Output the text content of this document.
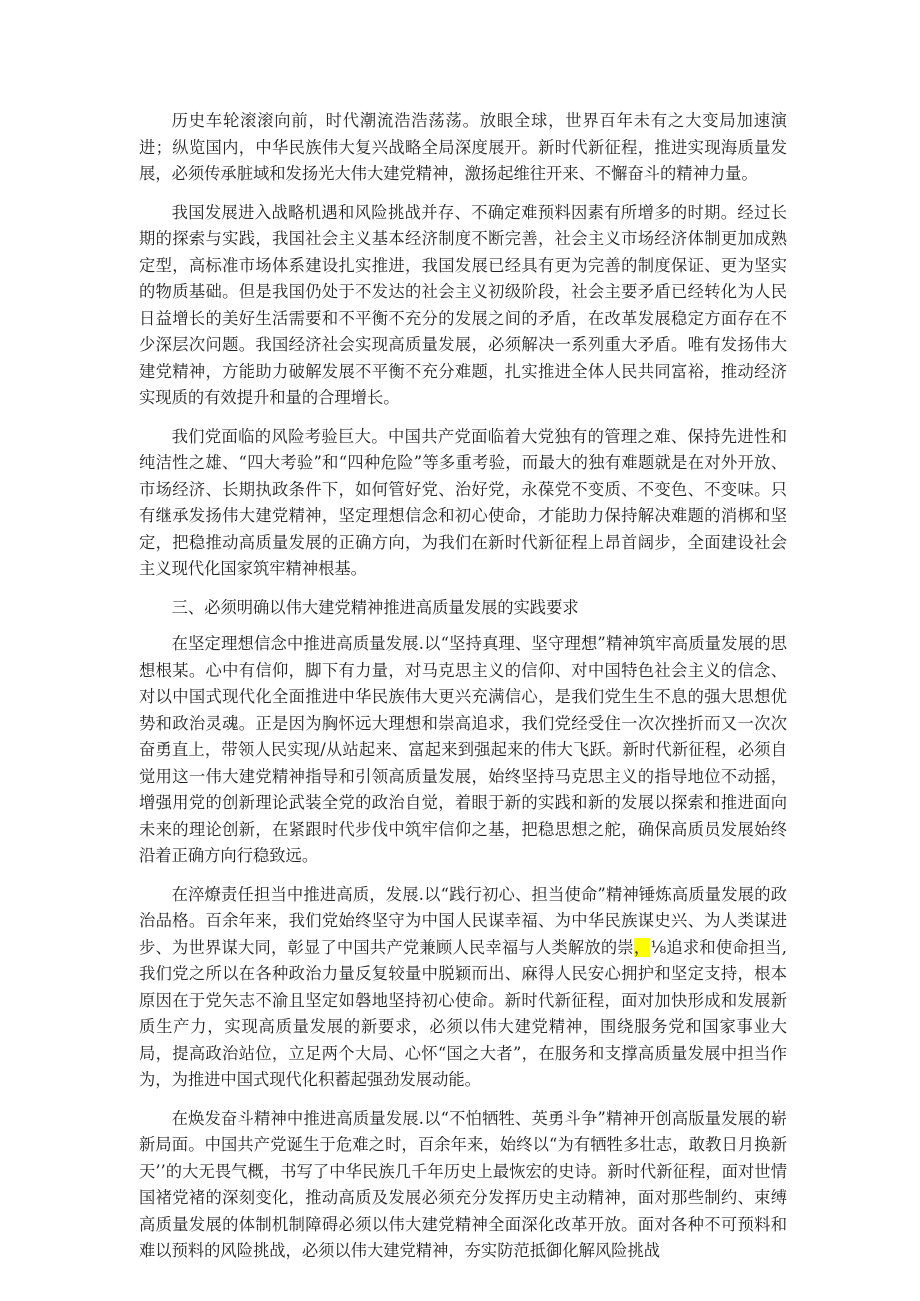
历史车轮滚滚向前，时代潮流浩浩荡荡。放眼全球，世界百年未有之大变局加速演进；纵览国内，中华民族伟大复兴战略全局深度展开。新时代新征程，推进实现海质量发展，必须传承脏域和发扬光大伟大建党精神，激扬起维往开来、不懈奋斗的精神力量。

我国发展进入战略机遇和风险挑战并存、不确定难预料因素有所增多的时期。经过长期的探索与实践，我国社会主义基本经济制度不断完善，社会主义市场经济体制更加成熟定型，高标准市场体系建设扎实推进，我国发展已经具有更为完善的制度保证、更为坚实的物质基础。但是我国仍处于不发达的社会主义初级阶段，社会主要矛盾已经转化为人民日益增长的美好生活需要和不平衡不充分的发展之间的矛盾，在改革发展稳定方面存在不少深层次问题。我国经济社会实现高质量发展，必须解决一系列重大矛盾。唯有发扬伟大建党精神，方能助力破解发展不平衡不充分难题，扎实推进全体人民共同富裕，推动经济实现质的有效提升和量的合理增长。

我们党面临的风险考验巨大。中国共产党面临着大党独有的管理之难、保持先进性和纯洁性之雄、“四大考验”和“四种危险”等多重考验，而最大的独有难题就是在对外开放、市场经济、长期执政条件下，如何管好党、治好党，永葆党不变质、不变色、不变味。只有继承发扬伟大建党精神，坚定理想信念和初心使命，才能助力保持解决难题的消梆和坚定，把稳推动高质量发展的正确方向，为我们在新时代新征程上昂首阔步，全面建设社会主义现代化国家筑牢精神根基。

三、必须明确以伟大建党精神推进高质量发展的实践要求

在坚定理想信念中推进高质量发展.以“坚持真理、坚守理想”精神筑牢高质量发展的思想根某。心中有信仰，脚下有力量，对马克思主义的信仰、对中国特色社会主义的信念、对以中国式现代化全面推进中华民族伟大更兴充满信心，是我们党生生不息的强大思想优势和政治灵魂。正是因为胸怀远大理想和崇高追求，我们党经受住一次次挫折而又一次次奋勇直上，带领人民实现/从站起来、富起来到强起来的伟大飞跃。新时代新征程，必须自觉用这一伟大建党精神指导和引领高质量发展，始终坚持马克思主义的指导地位不动摇，增强用党的创新理论武装全党的政治自觉，着眼于新的实践和新的发展以探索和推进面向未来的理论创新，在紧跟时代步伐中筑牢信仰之基，把稳思想之舵，确保高质员发展始终沿着正确方向行稳致远。

在淬燎责任担当中推进高质，发展.以“践行初心、担当使命”精神锤炼高质量发展的政治品格。百余年来，我们党始终坚守为中国人民谋幸福、为中华民族谋史兴、为人类谋进步、为世界谋大同，彰显了中国共产党兼顾人民幸福与人类解放的崇，⅛追求和使命担当,我们党之所以在各种政治力量反复较量中脱颖而出、麻得人民安心拥护和坚定支持，根本原因在于党矢志不渝且坚定如磐地坚持初心使命。新时代新征程，面对加快形成和发展新质生产力，实现高质量发展的新要求，必须以伟大建党精神，围绕服务党和国家事业大局，提高政治站位，立足两个大局、心怀“国之大者”，在服务和支撑高质量发展中担当作为，为推进中国式现代化积蓄起强劲发展动能。

在焕发奋斗精神中推进高质量发展.以“不怕牺牲、英勇斗争”精神开创高版量发展的崭新局面。中国共产党诞生于危难之时，百余年来，始终以“为有牺牲多壮志，敢教日月换新天’’的大无畏气概，书写了中华民族几千年历史上最恢宏的史诗。新时代新征程，面对世情国褚党褚的深刻变化，推动高质及发展必须充分发挥历史主动精神，面对那些制约、束缚高质量发展的体制机制障碍必须以伟大建党精神全面深化改革开放。面对各种不可预料和难以预料的风险挑战，必须以伟大建党精神，夯实防范抵御化解风险挑战
